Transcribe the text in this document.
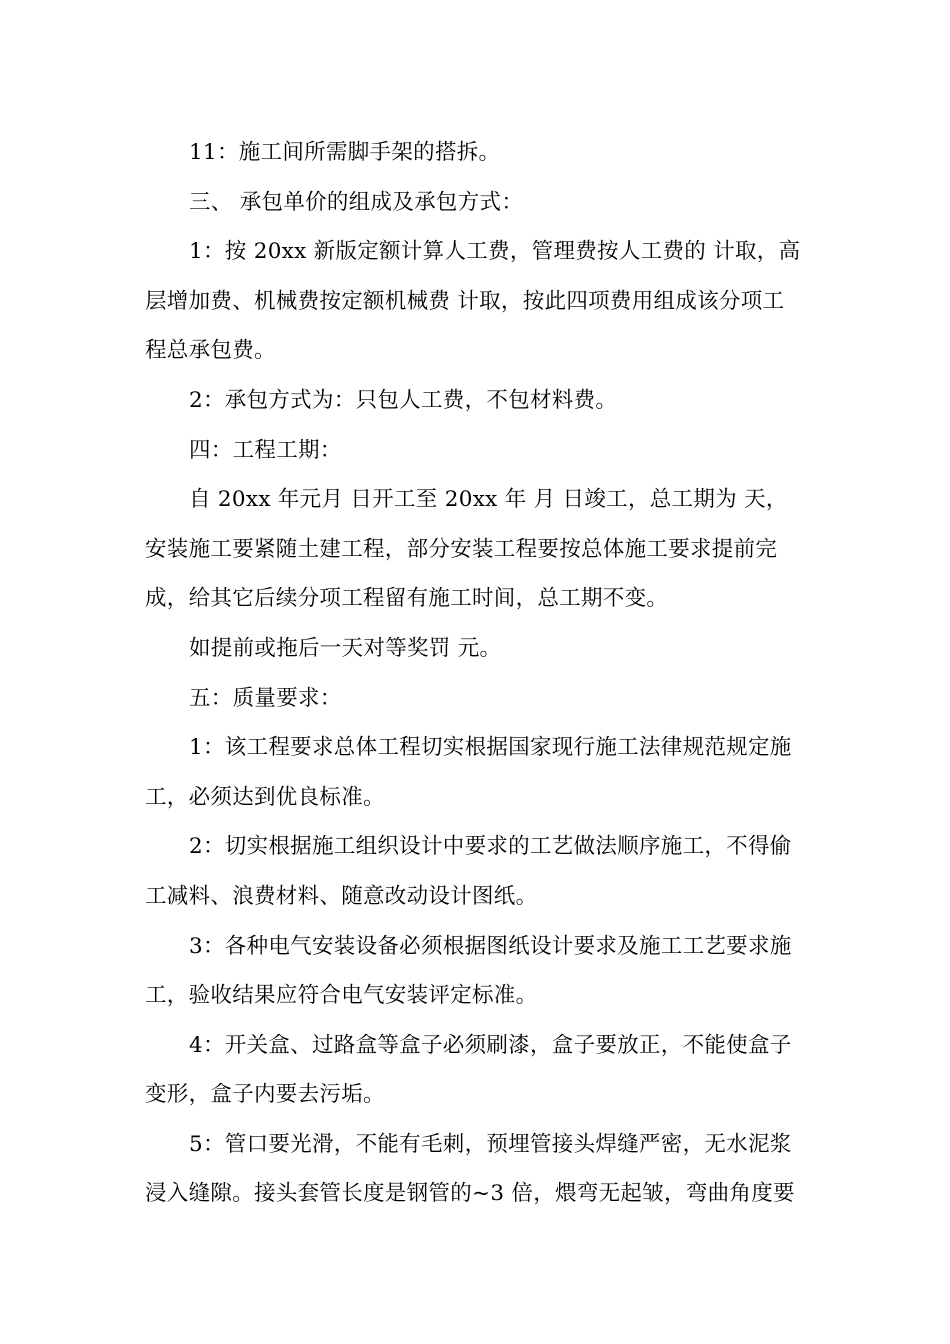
11：施工间所需脚手架的搭拆。

三、 承包单价的组成及承包方式：

1：按 20xx 新版定额计算人工费，管理费按人工费的 计取，高
层增加费、机械费按定额机械费 计取，按此四项费用组成该分项工
程总承包费。

2：承包方式为：只包人工费，不包材料费。

四：工程工期：

自 20xx 年元月 日开工至 20xx 年 月 日竣工，总工期为 天，
安装施工要紧随土建工程，部分安装工程要按总体施工要求提前完
成，给其它后续分项工程留有施工时间，总工期不变。

如提前或拖后一天对等奖罚 元。

五：质量要求：

1：该工程要求总体工程切实根据国家现行施工法律规范规定施
工，必须达到优良标准。

2：切实根据施工组织设计中要求的工艺做法顺序施工，不得偷
工减料、浪费材料、随意改动设计图纸。

3：各种电气安装设备必须根据图纸设计要求及施工工艺要求施
工，验收结果应符合电气安装评定标准。

4：开关盒、过路盒等盒子必须刷漆，盒子要放正，不能使盒子
变形，盒子内要去污垢。

5：管口要光滑，不能有毛刺，预埋管接头焊缝严密，无水泥浆
浸入缝隙。接头套管长度是钢管的~3 倍，煨弯无起皱，弯曲角度要
